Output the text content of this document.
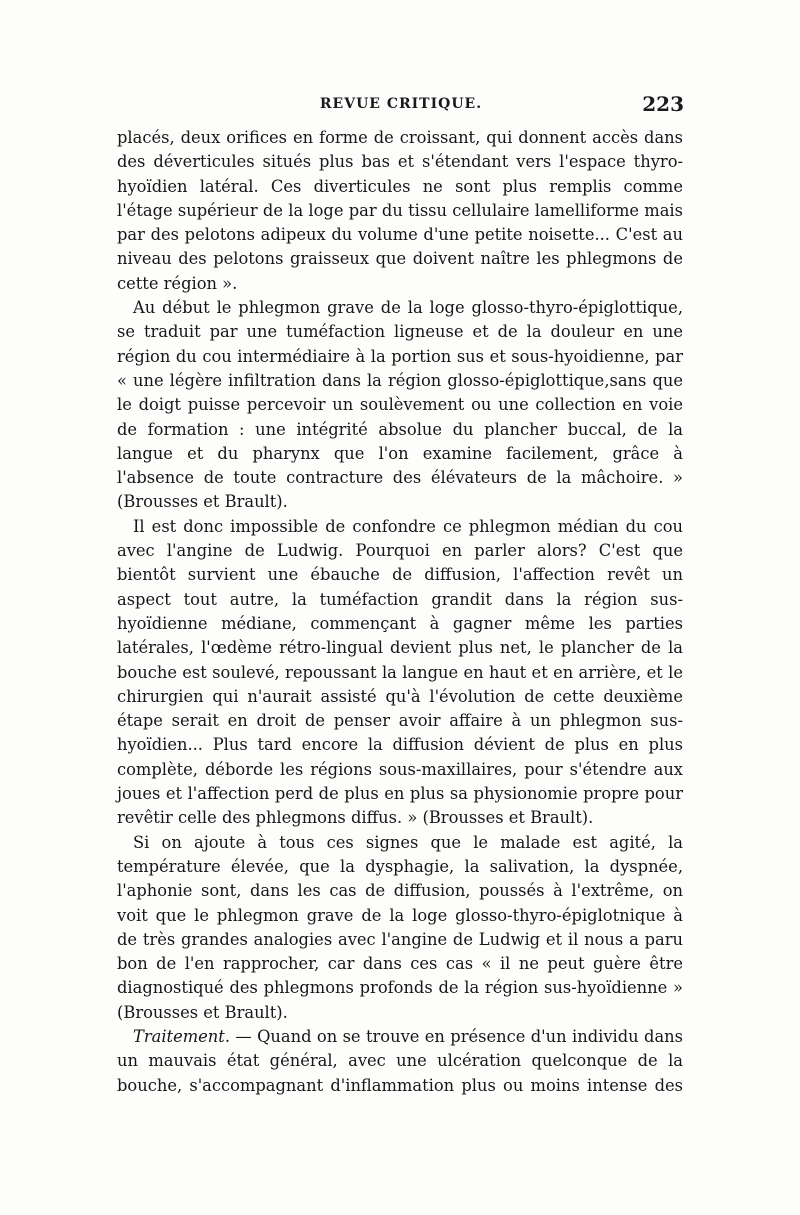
REVUE CRITIQUE.	223

placés, deux orifices en forme de croissant, qui donnent accès dans des déverticules situés plus bas et s'étendant vers l'espace thyro-hyoïdien latéral. Ces diverticules ne sont plus remplis comme l'étage supérieur de la loge par du tissu cellulaire lamelliforme mais par des pelotons adipeux du volume d'une petite noisette... C'est au niveau des pelotons graisseux que doivent naître les phlegmons de cette région ».

Au début le phlegmon grave de la loge glosso-thyro-épiglottique, se traduit par une tuméfaction ligneuse et de la douleur en une région du cou intermédiaire à la portion sus et sous-hyoidienne, par « une légère infiltration dans la région glosso-épiglottique,sans que le doigt puisse percevoir un soulèvement ou une collection en voie de formation : une intégrité absolue du plancher buccal, de la langue et du pharynx que l'on examine facilement, grâce à l'absence de toute contracture des élévateurs de la mâchoire. » (Brousses et Brault).

Il est donc impossible de confondre ce phlegmon médian du cou avec l'angine de Ludwig. Pourquoi en parler alors? C'est que bientôt survient une ébauche de diffusion, l'affection revêt un aspect tout autre, la tuméfaction grandit dans la région sus-hyoïdienne médiane, commençant à gagner même les parties latérales, l'œdème rétro-lingual devient plus net, le plancher de la bouche est soulevé, repoussant la langue en haut et en arrière, et le chirurgien qui n'aurait assisté qu'à l'évolution de cette deuxième étape serait en droit de penser avoir affaire à un phlegmon sus-hyoïdien... Plus tard encore la diffusion dévient de plus en plus complète, déborde les régions sous-maxillaires, pour s'étendre aux joues et l'affection perd de plus en plus sa physionomie propre pour revêtir celle des phlegmons diffus. » (Brousses et Brault).

Si on ajoute à tous ces signes que le malade est agité, la température élevée, que la dysphagie, la salivation, la dyspnée, l'aphonie sont, dans les cas de diffusion, poussés à l'extrême, on voit que le phlegmon grave de la loge glosso-thyro-épiglotnique à de très grandes analogies avec l'angine de Ludwig et il nous a paru bon de l'en rapprocher, car dans ces cas « il ne peut guère être diagnostiqué des phlegmons profonds de la région sus-hyoïdienne » (Brousses et Brault).

Traitement. — Quand on se trouve en présence d'un individu dans un mauvais état général, avec une ulcération quelconque de la bouche, s'accompagnant d'inflammation plus ou moins intense des
